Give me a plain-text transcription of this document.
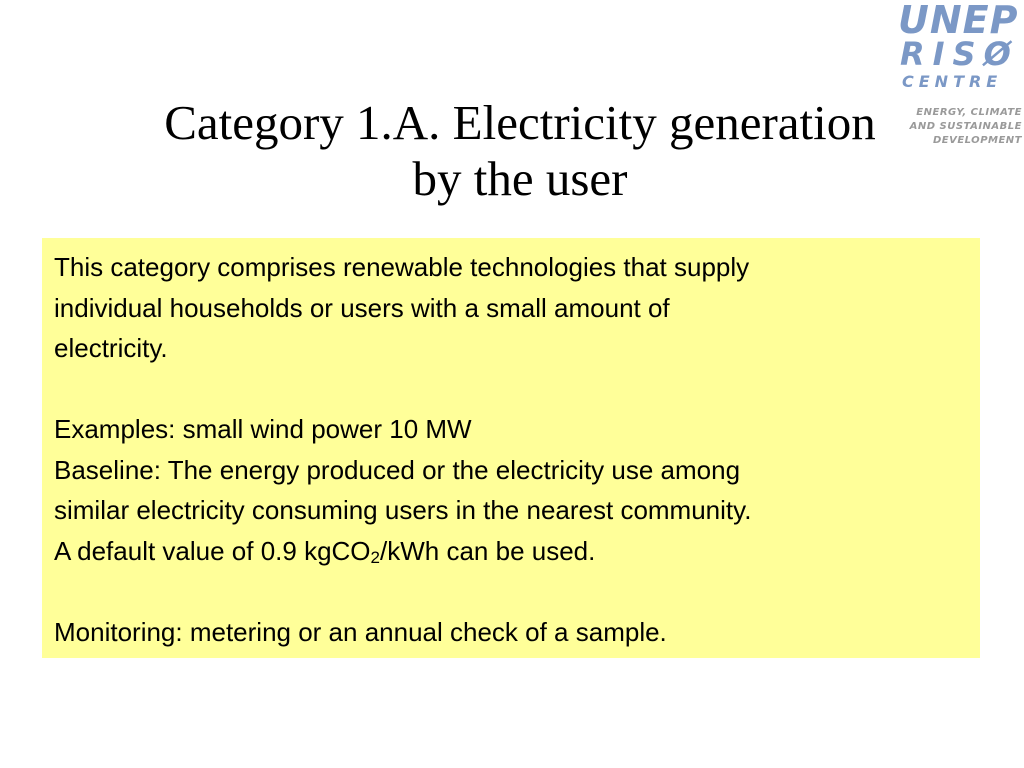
UNEP

RISØ

CENTRE

ENERGY, CLIMATE AND SUSTAINABLE DEVELOPMENT
Category 1.A. Electricity generation
by the user

This category comprises renewable technologies that supply

individual households or users with a small amount of

electricity.

Examples: small wind power 10 MW

Baseline: The energy produced or the electricity use among

similar electricity consuming users in the nearest community.

A default value of 0.9 kgCO$_2$/kWh can be used.

Monitoring: metering or an annual check of a sample.
